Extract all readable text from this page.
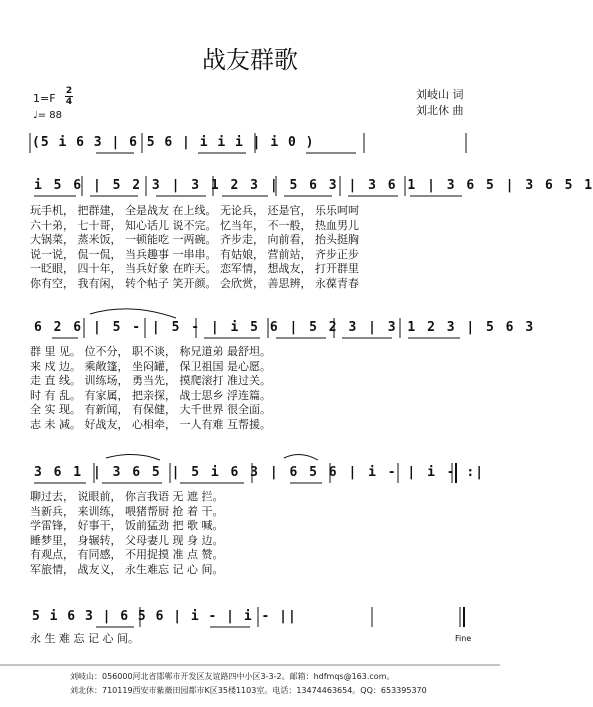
战友群歌
1=F
2
4
♩= 88
刘岐山 词
刘北休 曲
(5 i 6 3 | 6 5 6 | i i i | i 0 )
i 5 6 | 5 2 3 | 3 1 2 3 | 5 6 3 | 3 6 1 | 3 6 5 | 3 6 5 1
玩手机， 把群建， 全是战友 在上线。 无论兵， 还是官， 乐乐呵呵
六十弟， 七十哥， 知心话儿 说不完。 忆当年， 不一般， 热血男儿
大锅菜， 蒸米饭， 一顿能吃 一两碗。 齐步走， 向前看， 抬头挺胸
说一说， 侃一侃， 当兵趣事 一串串。 有姑娘， 营前站， 齐步正步
一眨眼， 四十年， 当兵好象 在昨天。 恋军情， 想战友， 打开群里
你有空， 我有闲， 转个帖子 笑开颜。 会欣赏， 善思辨， 永葆青春
6 2 6 | 5 - | 5 - | i 5 6 | 5 2 3 | 3 1 2 3 | 5 6 3
群 里 见。 位不分， 职不谈， 称兄道弟 最舒坦。
来 戍 边。 乘敞篷， 坐闷罐， 保卫祖国 是心愿。
走 直 线。 训练场， 勇当先， 摸爬滚打 准过关。
时 有 乱。 有家属， 把亲探， 战士思乡 浮连篇。
全 实 现。 有新闻， 有保健， 大千世界 很全面。
志 未 减。 好战友， 心相牵， 一人有难 互帮援。
3 6 1 | 3 6 5 | 5 i 6 3 | 6 5 6 | i - | i - :|
聊过去， 说眼前， 你言我语 无 遮 拦。
当新兵， 来训练， 喂猪帮厨 抢 着 干。
学雷锋， 好事干， 饭前猛劲 把 歌 喊。
睡梦里， 身辗转， 父母妻儿 现 身 边。
有观点， 有同感， 不用捉摸 准 点 赞。
军旅情， 战友义， 永生难忘 记 心 间。
5 i 6 3 | 6 5 6 | i - | i - ||
永 生 难 忘 记 心 间。	Fine
刘岐山：056000河北省邯郸市开发区友谊路四中小区3-3-2。邮箱：hdfmqs@163.com。
刘北休：710119西安市紫薇田园都市K区35楼1103室。电话：13474463654。QQ：653395370
